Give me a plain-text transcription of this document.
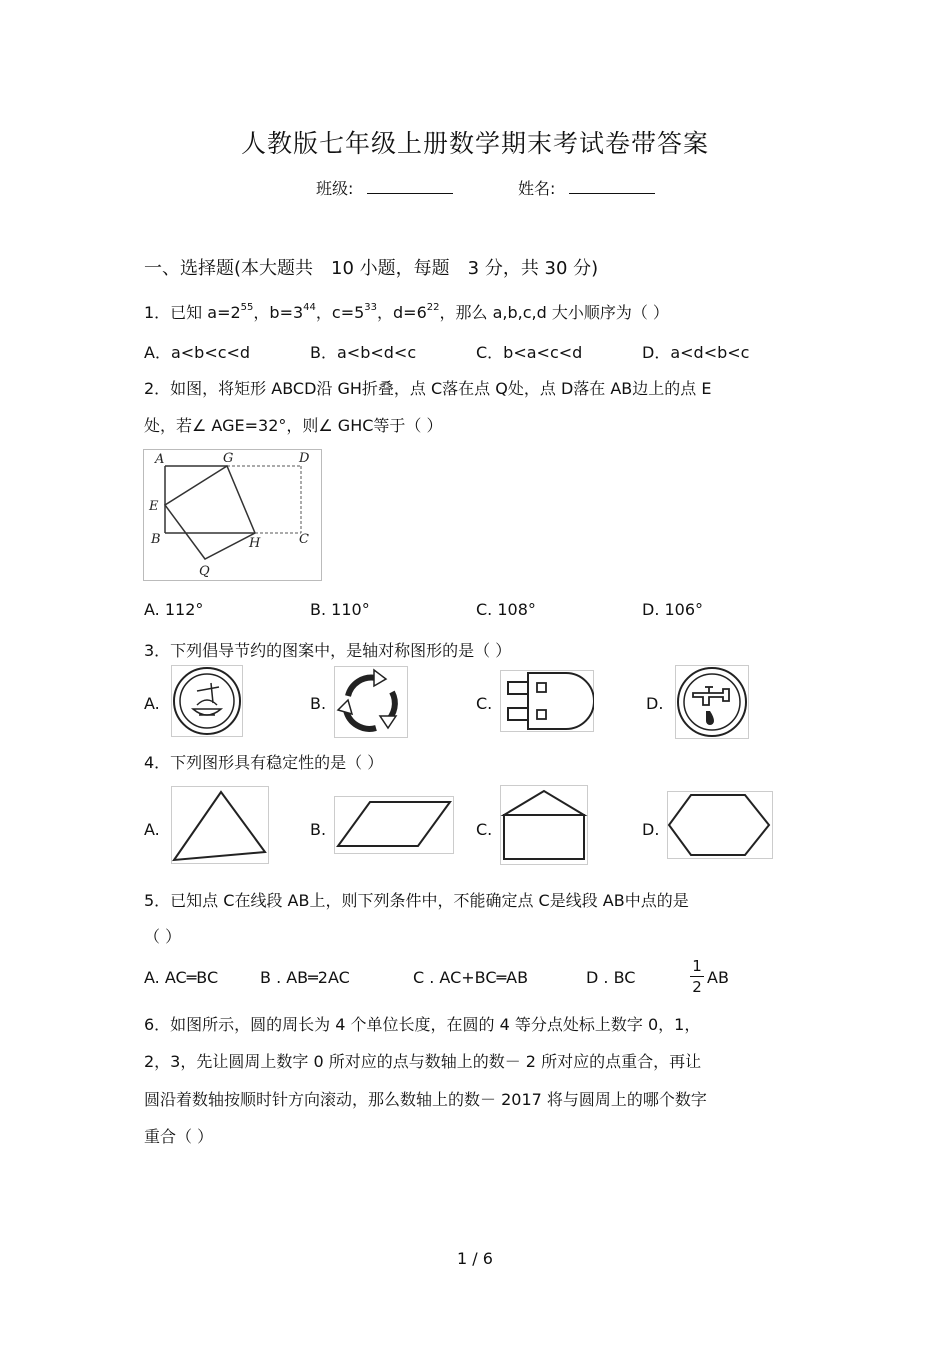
人教版七年级上册数学期末考试卷带答案
班级:	姓名:
一、选择题(本大题共　10 小题，每题　3 分，共 30 分)
1．已知 $a=2^{55}$，$b=3^{44}$，$c=5^{33}$，$d=6^{22}$，那么 a,b,c,d 大小顺序为（ ）
A．a<b<c<d	B．a<b<d<c	C．b<a<c<d	D．a<d<b<c
2．如图，将矩形 ABCD沿 GH折叠，点 C落在点 Q处，点 D落在 AB边上的点 E
处，若∠ AGE=32°，则∠ GHC等于（ ）
A	G	D
E
B	H	C
Q
A. 112°	B. 110°	C. 108°	D. 106°
3．下列倡导节约的图案中，是轴对称图形的是（ ）
A.	B.	C.	D.
4．下列图形具有稳定性的是（ ）
A.	B.	C.	D.
5．已知点 C在线段 AB上，则下列条件中，不能确定点 C是线段 AB中点的是
（ ）
A. AC═BC	B . AB═2AC	C . AC+BC═AB	D . BC
1
2 AB
6．如图所示，圆的周长为 4 个单位长度，在圆的 4 等分点处标上数字 0，1，
2，3，先让圆周上数字 0 所对应的点与数轴上的数－ 2 所对应的点重合，再让
圆沿着数轴按顺时针方向滚动，那么数轴上的数－ 2017 将与圆周上的哪个数字
重合（ ）
1 / 6
